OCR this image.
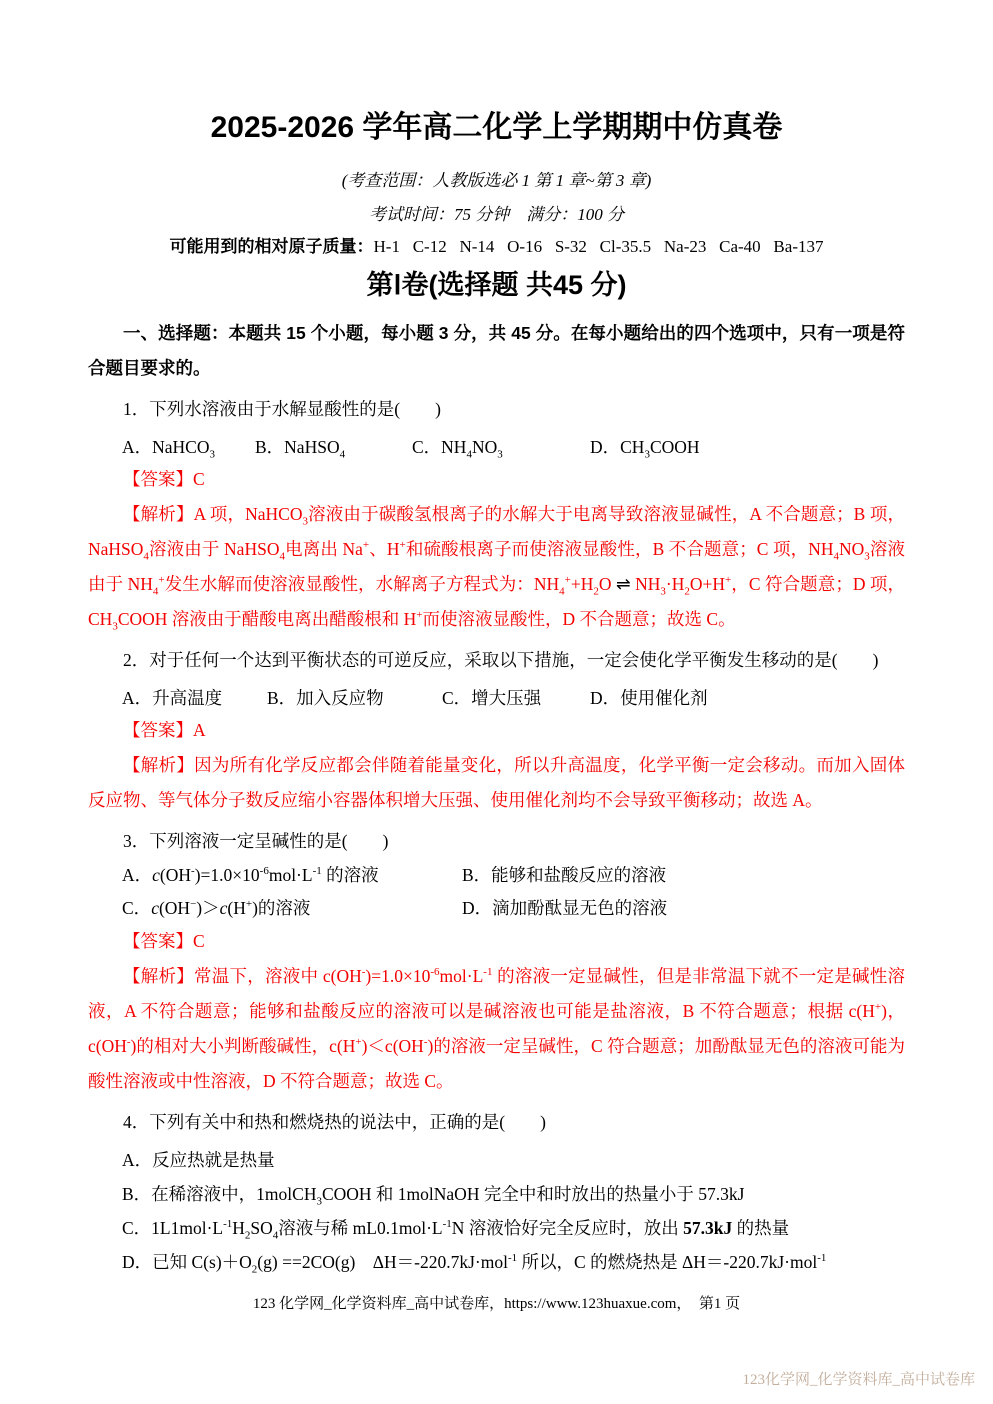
2025-2026 学年高二化学上学期期中仿真卷

(考查范围：人教版选必 1 第 1 章~第 3 章)

考试时间：75 分钟　满分：100 分

可能用到的相对原子质量：H-1   C-12   N-14   O-16   S-32   Cl-35.5   Na-23   Ca-40   Ba-137

第Ⅰ卷(选择题 共45 分)

一、选择题：本题共 15 个小题，每小题 3 分，共 45 分。在每小题给出的四个选项中，只有一项是符合题目要求的。

1．下列水溶液由于水解显酸性的是(　　)

A．NaHCO$_3$	B．NaHSO$_4$	C．$NH_4NO_3$	D．$CH_3COOH$

【答案】C

【解析】A 项，NaHCO$_3$溶液由于碳酸氢根离子的水解大于电离导致溶液显碱性，A 不合题意；B 项，NaHSO$_4$溶液由于 NaHSO$_4$电离出 Na+、H+和硫酸根离子而使溶液显酸性，B 不合题意；C 项，$NH_4NO_3$溶液由于 $NH_4^+$发生水解而使溶液显酸性，水解离子方程式为：$NH_4^++H_2O$ ⇌ $NH_3\cdot H_2O+H^+$，C 符合题意；D 项，$CH_3COOH$ 溶液由于醋酸电离出醋酸根和 H+而使溶液显酸性，D 不合题意；故选 C。

2．对于任何一个达到平衡状态的可逆反应，采取以下措施，一定会使化学平衡发生移动的是(　　)

A．升高温度	B．加入反应物	C．增大压强	D．使用催化剂

【答案】A

【解析】因为所有化学反应都会伴随着能量变化，所以升高温度，化学平衡一定会移动。而加入固体反应物、等气体分子数反应缩小容器体积增大压强、使用催化剂均不会导致平衡移动；故选 A。

3．下列溶液一定呈碱性的是(　　)

A．$c(OH^-)=1.0\times 10^{-6}mol\cdot L^{-1}$ 的溶液	B．能够和盐酸反应的溶液
C．c(OH−)＞c(H+)的溶液	D．滴加酚酞显无色的溶液

【答案】C

【解析】常温下，溶液中 $c(OH^-)=1.0\times 10^{-6}mol\cdot L^{-1}$ 的溶液一定显碱性，但是非常温下就不一定是碱性溶液，A 不符合题意；能够和盐酸反应的溶液可以是碱溶液也可能是盐溶液，B 不符合题意；根据 c(H+)，c(OH-)的相对大小判断酸碱性，c(H+)＜c(OH-)的溶液一定呈碱性，C 符合题意；加酚酞显无色的溶液可能为酸性溶液或中性溶液，D 不符合题意；故选 C。

4．下列有关中和热和燃烧热的说法中，正确的是(　　)

A．反应热就是热量
B．在稀溶液中，1molCH$_3$COOH 和 1molNaOH 完全中和时放出的热量小于 57.3kJ
C．$1L1mol\cdot L^{-1}H_2SO_4$溶液与稀 $mL0.1mol\cdot L^{-1}N$ 溶液恰好完全反应时，放出 57.3kJ 的热量
D．已知 $C(s)+O_2(g) ==2CO(g)$　ΔH＝-220.7kJ·mol$^{-1}$ 所以，C 的燃烧热是 ΔH＝-220.7kJ·mol$^{-1}$
123 化学网_化学资料库_高中试卷库，https://www.123huaxue.com，　第1 页
123化学网_化学资料库_高中试卷库
